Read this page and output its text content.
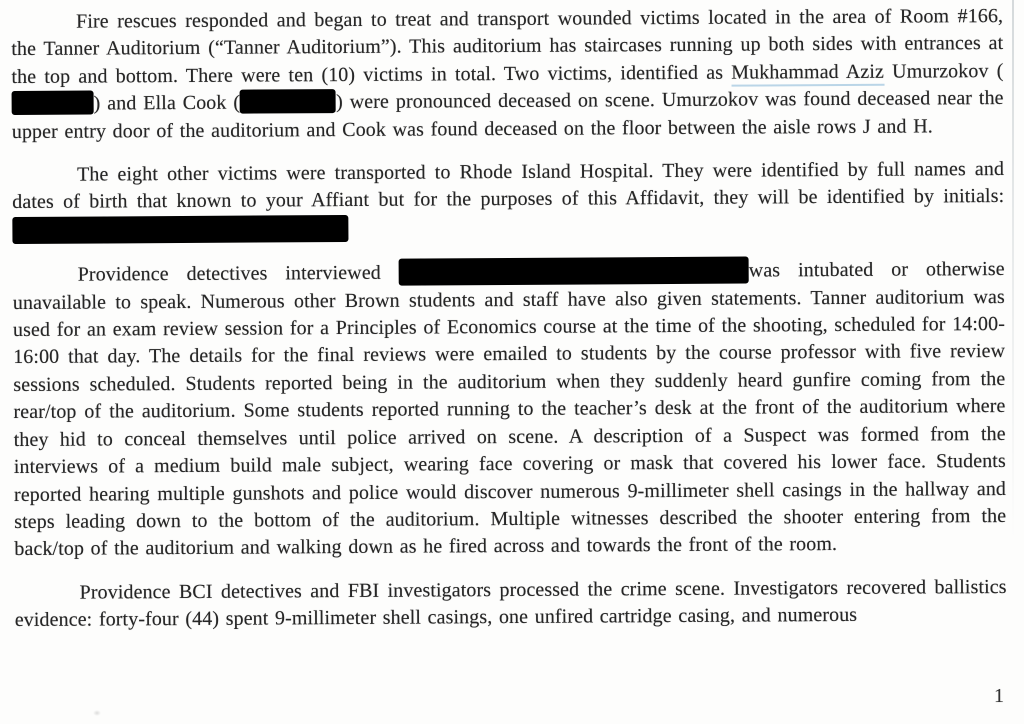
Fire rescues responded and began to treat and transport wounded victims located in the area of Room #166, the Tanner Auditorium (“Tanner Auditorium”). This auditorium has staircases running up both sides with entrances at the top and bottom. There were ten (10) victims in total. Two victims, identified as Mukhammad Aziz Umurzokov () and Ella Cook (	) were pronounced deceased on scene. Umurzokov was found deceased near the upper entry door of the auditorium and Cook was found deceased on the floor between the aisle rows J and H.

The eight other victims were transported to Rhode Island Hospital. They were identified by full names and dates of birth that known to your Affiant but for the purposes of this Affidavit, they will be identified by initials:

Providence detectives interviewed	was intubated or otherwise unavailable to speak. Numerous other Brown students and staff have also given statements. Tanner auditorium was used for an exam review session for a Principles of Economics course at the time of the shooting, scheduled for 14:00-16:00 that day. The details for the final reviews were emailed to students by the course professor with five review sessions scheduled. Students reported being in the auditorium when they suddenly heard gunfire coming from the rear/top of the auditorium. Some students reported running to the teacher’s desk at the front of the auditorium where they hid to conceal themselves until police arrived on scene. A description of a Suspect was formed from the interviews of a medium build male subject, wearing face covering or mask that covered his lower face. Students reported hearing multiple gunshots and police would discover numerous 9-millimeter shell casings in the hallway and steps leading down to the bottom of the auditorium. Multiple witnesses described the shooter entering from the back/top of the auditorium and walking down as he fired across and towards the front of the room.

Providence BCI detectives and FBI investigators processed the crime scene. Investigators recovered ballistics evidence: forty-four (44) spent 9-millimeter shell casings, one unfired cartridge casing, and numerous

1
